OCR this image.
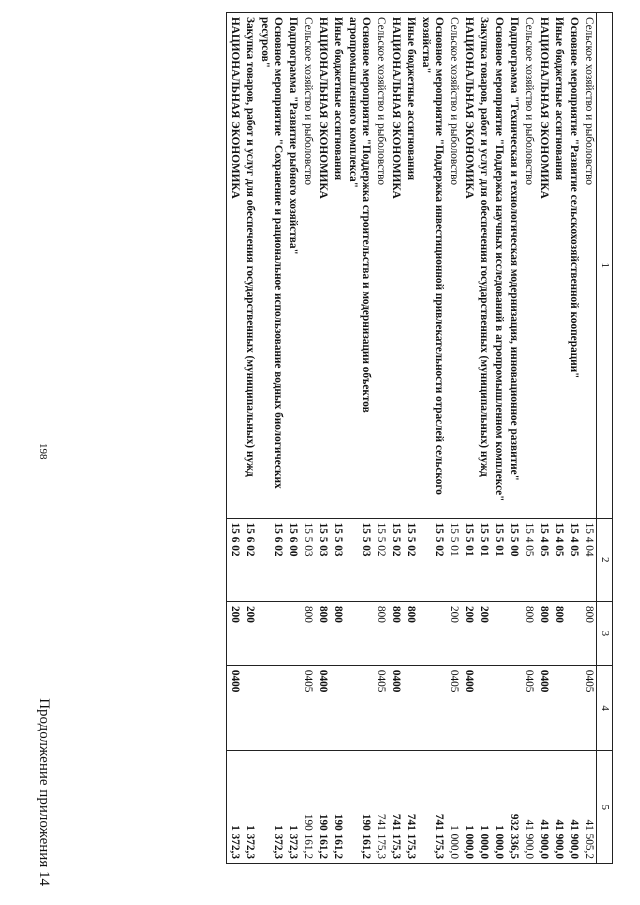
198
Продолжение приложения 14
1	2	3	4	5
Сельское хозяйство и рыболовство	15 4 04	800	0405	41 505,2
Основное мероприятие "Развитие сельскохозяйственной кооперации"	15 4 05			41 900,0
Иные бюджетные ассигнования	15 4 05	800		41 900,0
НАЦИОНАЛЬНАЯ ЭКОНОМИКА	15 4 05	800	0400	41 900,0
Сельское хозяйство и рыболовство	15 4 05	800	0405	41 900,0
Подпрограмма "Техническая и технологическая модернизация, инновационное развитие"	15 5 00			932 336,5
Основное мероприятие "Поддержка научных исследований в агропромышленном комплексе"	15 5 01			1 000,0
Закупка товаров, работ и услуг для обеспечения государственных (муниципальных) нужд	15 5 01	200		1 000,0
НАЦИОНАЛЬНАЯ ЭКОНОМИКА	15 5 01	200	0400	1 000,0
Сельское хозяйство и рыболовство	15 5 01	200	0405	1 000,0
Основное мероприятие "Поддержка инвестиционной привлекательности отраслей сельского хозяйства"	15 5 02			741 175,3
Иные бюджетные ассигнования	15 5 02	800		741 175,3
НАЦИОНАЛЬНАЯ ЭКОНОМИКА	15 5 02	800	0400	741 175,3
Сельское хозяйство и рыболовство	15 5 02	800	0405	741 175,3
Основное мероприятие "Поддержка строительства и модернизации объектов агропромышленного комплекса"	15 5 03			190 161,2
Иные бюджетные ассигнования	15 5 03	800		190 161,2
НАЦИОНАЛЬНАЯ ЭКОНОМИКА	15 5 03	800	0400	190 161,2
Сельское хозяйство и рыболовство	15 5 03	800	0405	190 161,2
Подпрограмма "Развитие рыбного хозяйства"	15 6 00			1 372,3
Основное мероприятие "Сохранение и рациональное использование водных биологических ресурсов"	15 6 02			1 372,3
Закупка товаров, работ и услуг для обеспечения государственных (муниципальных) нужд	15 6 02	200		1 372,3
НАЦИОНАЛЬНАЯ ЭКОНОМИКА	15 6 02	200	0400	1 372,3
